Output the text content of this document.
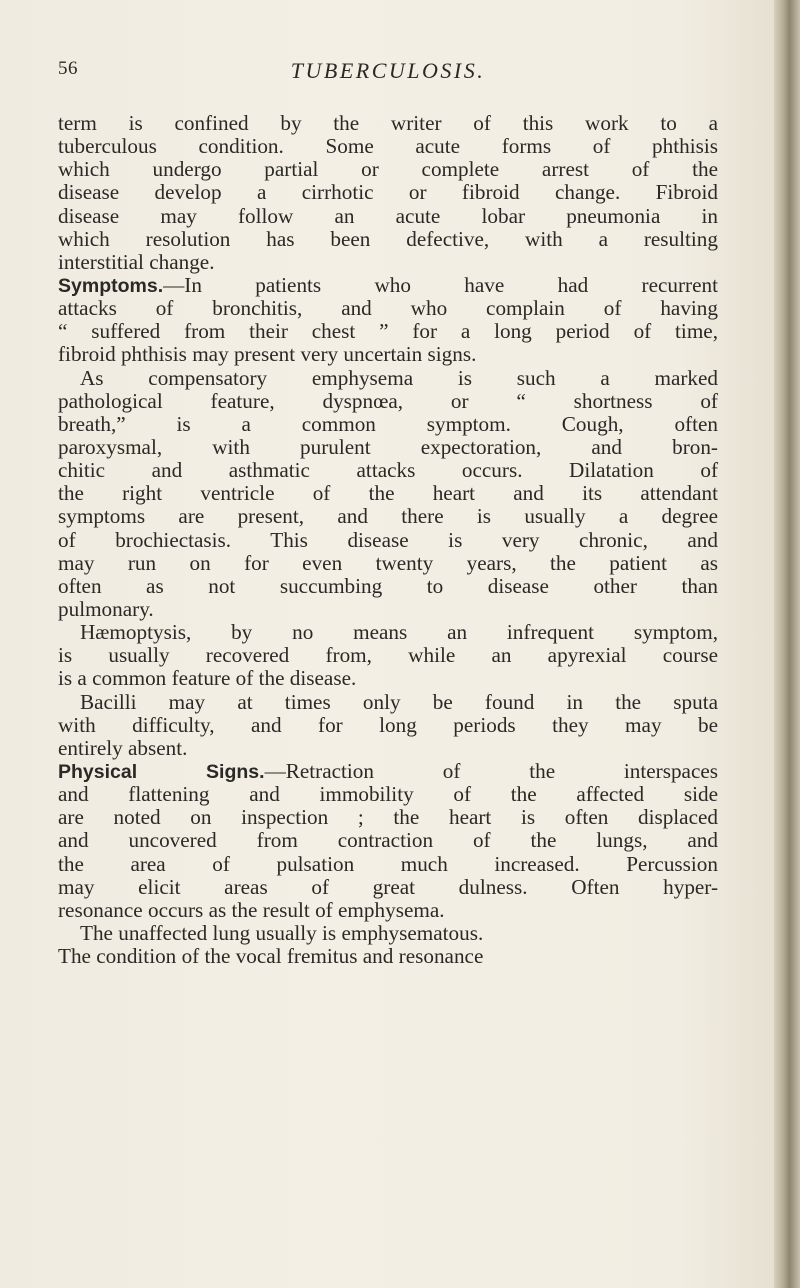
56	TUBERCULOSIS.
term is confined by the writer of this work to a
tuberculous condition. Some acute forms of phthisis
which undergo partial or complete arrest of the
disease develop a cirrhotic or fibroid change. Fibroid
disease may follow an acute lobar pneumonia in
which resolution has been defective, with a resulting
interstitial change.
Symptoms.—In patients who have had recurrent
attacks of bronchitis, and who complain of having
“ suffered from their chest ” for a long period of time,
fibroid phthisis may present very uncertain signs.
As compensatory emphysema is such a marked
pathological feature, dyspnœa, or “ shortness of
breath,” is a common symptom. Cough, often
paroxysmal, with purulent expectoration, and bron-
chitic and asthmatic attacks occurs. Dilatation of
the right ventricle of the heart and its attendant
symptoms are present, and there is usually a degree
of brochiectasis. This disease is very chronic, and
may run on for even twenty years, the patient as
often as not succumbing to disease other than
pulmonary.
Hæmoptysis, by no means an infrequent symptom,
is usually recovered from, while an apyrexial course
is a common feature of the disease.
Bacilli may at times only be found in the sputa
with difficulty, and for long periods they may be
entirely absent.
Physical Signs.—Retraction of the interspaces
and flattening and immobility of the affected side
are noted on inspection ; the heart is often displaced
and uncovered from contraction of the lungs, and
the area of pulsation much increased. Percussion
may elicit areas of great dulness. Often hyper-
resonance occurs as the result of emphysema.
The unaffected lung usually is emphysematous.
The condition of the vocal fremitus and resonance
